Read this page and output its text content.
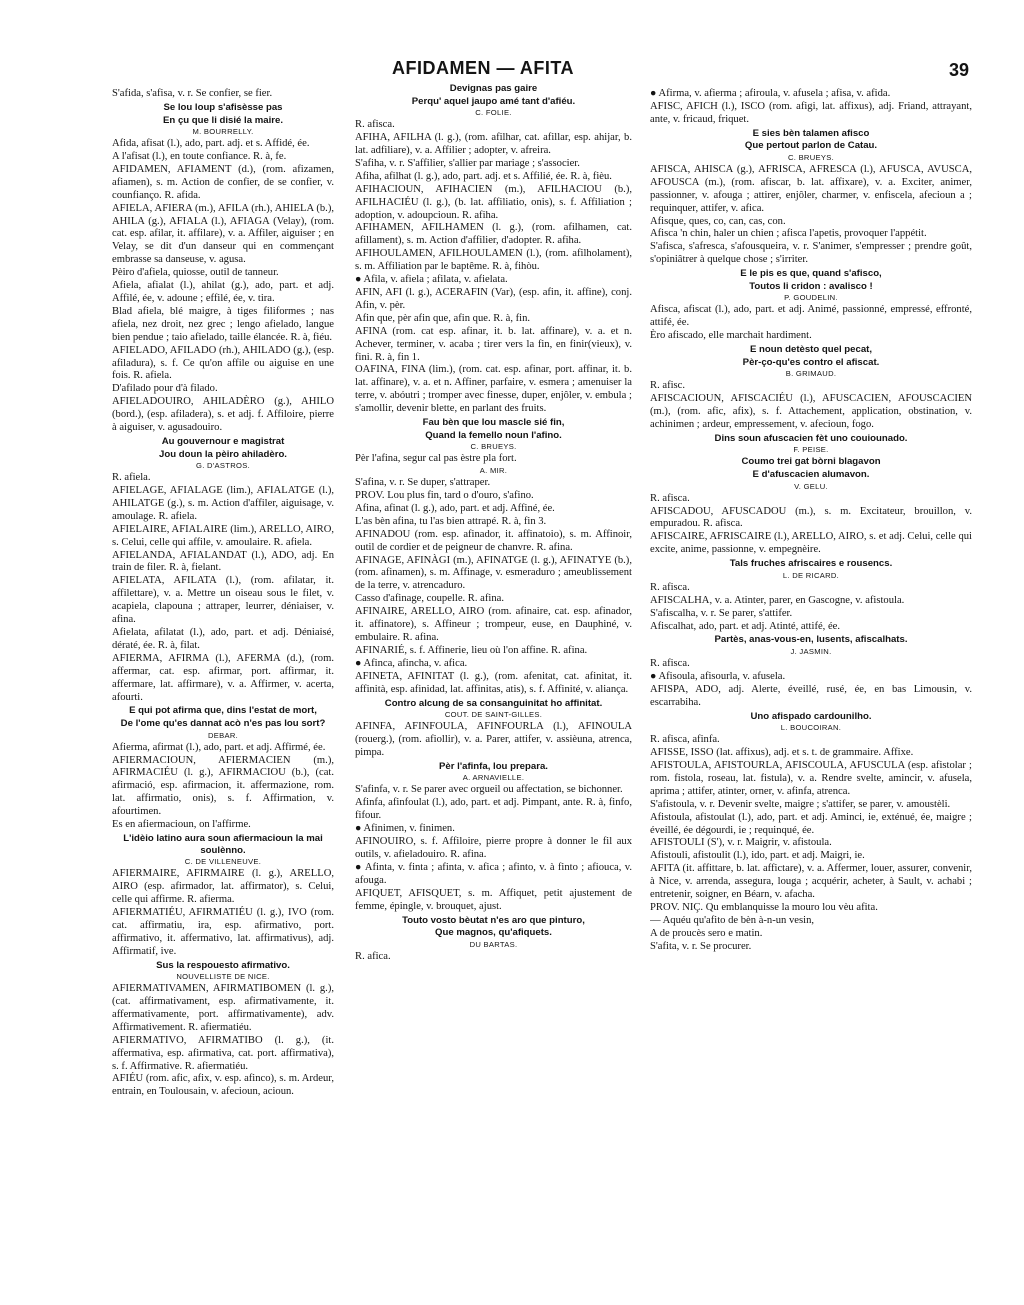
AFIDAMEN — AFITA	39

S'afida, s'afisa, v. r. Se confier, se fier.

Se lou loup s'afisèsse pas

En çu que li disié la maire.

M. BOURRELLY.

Afida, afisat (l.), ado, part. adj. et s. Affidé, ée.

A l'afisat (l.), en toute confiance. R. à, fe.

AFIDAMEN, AFIAMENT (d.), (rom. afizamen, afiamen), s. m. Action de confier, de se confier, v. counfianço. R. afida.

AFIELA, AFIERA (m.), AFILA (rh.), AHIELA (b.), AHILA (g.), AFIALA (l.), AFIAGA (Velay), (rom. cat. esp. afilar, it. affilare), v. a. Affiler, aiguiser ; en Velay, se dit d'un danseur qui en commençant embrasse sa danseuse, v. agusa.

Pèiro d'afiela, quiosse, outil de tanneur.

Afiela, afialat (l.), ahilat (g.), ado, part. et adj. Affilé, ée, v. adoune ; effilé, ée, v. tira.

Blad afiela, blé maigre, à tiges filiformes ; nas afiela, nez droit, nez grec ; lengo afielado, langue bien pendue ; taio afielado, taille élancée. R. à, fiéu.

AFIELADO, AFILADO (rh.), AHILADO (g.), (esp. afiladura), s. f. Ce qu'on affile ou aiguise en une fois. R. afiela.

D'afilado pour d'à filado.

AFIELADOUIRO, AHILADÈRO (g.), AHILO (bord.), (esp. afiladera), s. et adj. f. Affiloire, pierre à aiguiser, v. agusadouiro.

Au gouvernour e magistrat

Jou doun la pèiro ahiladèro.

G. D'ASTROS.

R. afiela.

AFIELAGE, AFIALAGE (lim.), AFIALATGE (l.), AHILATGE (g.), s. m. Action d'affiler, aiguisage, v. amoulage. R. afiela.

AFIELAIRE, AFIALAIRE (lim.), ARELLO, AIRO, s. Celui, celle qui affile, v. amoulaire. R. afiela.

AFIELANDA, AFIALANDAT (l.), ADO, adj. En train de filer. R. à, fielant.

AFIELATA, AFILATA (l.), (rom. afilatar, it. affilettare), v. a. Mettre un oiseau sous le filet, v. acapiela, clapouna ; attraper, leurrer, déniaiser, v. afina.

Afielata, afilatat (l.), ado, part. et adj. Déniaisé, dératé, ée. R. à, filat.

AFIERMA, AFIRMA (l.), AFERMA (d.), (rom. affermar, cat. esp. afirmar, port. affirmar, it. affermare, lat. affirmare), v. a. Affirmer, v. acerta, afourti.

E qui pot afirma que, dins l'estat de mort,

De l'ome qu'es dannat acò n'es pas lou sort?

DEBAR.

Afierma, afirmat (l.), ado, part. et adj. Affirmé, ée.

AFIERMACIOUN, AFIERMACIEN (m.), AFIRMACIÉU (l. g.), AFIRMACIOU (b.), (cat. afirmació, esp. afirmacion, it. affermazione, rom. lat. affirmatio, onis), s. f. Affirmation, v. afourtimen.

Es en afiermacioun, on l'affirme.

L'idèio latino aura soun afiermacioun la mai soulènno.

C. DE VILLENEUVE.

AFIERMAIRE, AFIRMAIRE (l. g.), ARELLO, AIRO (esp. afirmador, lat. affirmator), s. Celui, celle qui affirme. R. afierma.

AFIERMATIÉU, AFIRMATIÉU (l. g.), IVO (rom. cat. affirmatiu, ira, esp. afirmativo, port. affirmativo, it. affermativo, lat. affirmativus), adj. Affirmatif, ive.

Sus la respouesto afirmativo.

NOUVELLISTE DE NICE.

AFIERMATIVAMEN, AFIRMATIBOMEN (l. g.), (cat. affirmativament, esp. afirmativamente, it. affermativamente, port. affirmativamente), adv. Affirmativement. R. afiermatiéu.

AFIERMATIVO, AFIRMATIBO (l. g.), (it. affermativa, esp. afirmativa, cat. port. affirmativa), s. f. Affirmative. R. afiermatiéu.

AFIÉU (rom. afic, afix, v. esp. afinco), s. m. Ardeur, entrain, en Toulousain, v. afecioun, acioun.

Devignas pas gaire

Perqu' aquel jaupo amé tant d'afiéu.

C. FOLIE.

R. afisca.

AFIHA, AFILHA (l. g.), (rom. afilhar, cat. afillar, esp. ahijar, b. lat. adfiliare), v. a. Affilier ; adopter, v. afreira.

S'afiha, v. r. S'affilier, s'allier par mariage ; s'associer.

Afiha, afilhat (l. g.), ado, part. adj. et s. Affilié, ée. R. à, fièu.

AFIHACIOUN, AFIHACIEN (m.), AFILHACIOU (b.), AFILHACIÉU (l. g.), (b. lat. affiliatio, onis), s. f. Affiliation ; adoption, v. adoupcioun. R. afiha.

AFIHAMEN, AFILHAMEN (l. g.), (rom. afilhamen, cat. afillament), s. m. Action d'affilier, d'adopter. R. afiha.

AFIHOULAMEN, AFILHOULAMEN (l.), (rom. afilholament), s. m. Affiliation par le baptême. R. à, fihòu.

● Afila, v. afiela ; afilata, v. afielata.

AFIN, AFI (l. g.), ACERAFIN (Var), (esp. afin, it. affine), conj. Afin, v. pèr.

Afin que, pèr afin que, afin que. R. à, fin.

AFINA (rom. cat esp. afinar, it. b. lat. affinare), v. a. et n. Achever, terminer, v. acaba ; tirer vers la fin, en finir(vieux), v. fini. R. à, fin 1.

OAFINA, FINA (lim.), (rom. cat. esp. afinar, port. affinar, it. b. lat. affinare), v. a. et n. Affiner, parfaire, v. esmera ; amenuiser la terre, v. abóutri ; tromper avec finesse, duper, enjôler, v. embula ; s'amollir, devenir blette, en parlant des fruits.

Fau bèn que lou mascle sié fin,

Quand la femello noun l'afino.

C. BRUEYS.

Pèr l'afina, segur cal pas èstre pla fort.

A. MIR.

S'afina, v. r. Se duper, s'attraper.

PROV. Lou plus fin, tard o d'ouro, s'afino.

Afina, afinat (l. g.), ado, part. et adj. Affiné, ée.

L'as bèn afina, tu l'as bien attrapé. R. à, fin 3.

AFINADOU (rom. esp. afinador, it. affinatoio), s. m. Affinoir, outil de cordier et de peigneur de chanvre. R. afina.

AFINAGE, AFINÀGI (m.), AFINATGE (l. g.), AFINATYE (b.), (rom. afinamen), s. m. Affinage, v. esmeraduro ; ameublissement de la terre, v. atrencaduro.

Casso d'afinage, coupelle. R. afina.

AFINAIRE, ARELLO, AIRO (rom. afinaire, cat. esp. afinador, it. affinatore), s. Affineur ; trompeur, euse, en Dauphiné, v. embulaire. R. afina.

AFINARIÉ, s. f. Affinerie, lieu où l'on affine. R. afina.

● Afinca, afincha, v. afica.

AFINETA, AFINITAT (l. g.), (rom. afenitat, cat. afinitat, it. affinità, esp. afinidad, lat. affinitas, atis), s. f. Affinité, v. aliança.

Contro alcung de sa consanguinitat ho affinitat.

COUT. DE SAINT-GILLES.

AFINFA, AFINFOULA, AFINFOURLA (l.), AFINOULA (rouerg.), (rom. afiollir), v. a. Parer, attifer, v. assièuna, atrenca, pimpa.

Pèr l'afinfa, lou prepara.

A. ARNAVIELLE.

S'afinfa, v. r. Se parer avec orgueil ou affectation, se bichonner.

Afinfa, afinfoulat (l.), ado, part. et adj. Pimpant, ante. R. à, finfo, fifour.

● Afinimen, v. finimen.

AFINOUIRO, s. f. Affiloire, pierre propre à donner le fil aux outils, v. afieladouiro. R. afina.

● Afinta, v. finta ; afinta, v. afica ; afinto, v. à finto ; afiouca, v. afouga.

AFIQUET, AFISQUET, s. m. Affiquet, petit ajustement de femme, épingle, v. brouquet, ajust.

Touto vosto bèutat n'es aro que pinturo,

Que magnos, qu'afiquets.

DU BARTAS.

R. afica.

● Afirma, v. afierma ; afiroula, v. afusela ; afisa, v. afida.

AFISC, AFICH (l.), ISCO (rom. afigi, lat. affixus), adj. Friand, attrayant, ante, v. fricaud, friquet.

E sies bèn talamen afisco

Que pertout parlon de Catau.

C. BRUEYS.

AFISCA, AHISCA (g.), AFRISCA, AFRESCA (l.), AFUSCA, AVUSCA, AFOUSCA (m.), (rom. afiscar, b. lat. affixare), v. a. Exciter, animer, passionner, v. afouga ; attirer, enjôler, charmer, v. enfiscela, afecioun a ; requinquer, attifer, v. afica.

Afisque, ques, co, can, cas, con.

Afisca 'n chin, haler un chien ; afisca l'apetis, provoquer l'appétit.

S'afisca, s'afresca, s'afousqueira, v. r. S'animer, s'empresser ; prendre goût, s'opiniâtrer à quelque chose ; s'irriter.

E le pis es que, quand s'afisco,

Toutos li cridon : avalisco !

P. GOUDELIN.

Afisca, afiscat (l.), ado, part. et adj. Animé, passionné, empressé, effronté, attifé, ée.

Èro afiscado, elle marchait hardiment.

E noun detèsto quel pecat,

Pèr-ço-qu'es contro el afiscat.

B. GRIMAUD.

R. afisc.

AFISCACIOUN, AFISCACIÉU (l.), AFUSCACIEN, AFOUSCACIEN (m.), (rom. afic, afix), s. f. Attachement, application, obstination, v. achinimen ; ardeur, empressement, v. afecioun, fogo.

Dins soun afuscacien fèt uno couiounado.

F. PEISE.

Coumo trei gat bòrni blagavon

E d'afuscacien alumavon.

V. GELU.

R. afisca.

AFISCADOU, AFUSCADOU (m.), s. m. Excitateur, brouillon, v. empuradou. R. afisca.

AFISCAIRE, AFRISCAIRE (l.), ARELLO, AIRO, s. et adj. Celui, celle qui excite, anime, passionne, v. empegnèire.

Tals fruches afriscaires e rousencs.

L. DE RICARD.

R. afisca.

AFISCALHA, v. a. Atinter, parer, en Gascogne, v. afistoula.

S'afiscalha, v. r. Se parer, s'attifer.

Afiscalhat, ado, part. et adj. Atinté, attifé, ée.

Partès, anas-vous-en, lusents, afiscalhats.

J. JASMIN.

R. afisca.

● Afisoula, afisourla, v. afusela.

AFISPA, ADO, adj. Alerte, éveillé, rusé, ée, en bas Limousin, v. escarrabiha.

Uno afispado cardounilho.

L. BOUCOIRAN.

R. afisca, afinfa.

AFISSE, ISSO (lat. affixus), adj. et s. t. de grammaire. Affixe.

AFISTOULA, AFISTOURLA, AFISCOULA, AFUSCULA (esp. afistolar ; rom. fistola, roseau, lat. fistula), v. a. Rendre svelte, amincir, v. afusela, aprima ; attifer, atinter, orner, v. afinfa, atrenca.

S'afistoula, v. r. Devenir svelte, maigre ; s'attifer, se parer, v. amoustèli.

Afistoula, afistoulat (l.), ado, part. et adj. Aminci, ie, exténué, ée, maigre ; éveillé, ée dégourdi, ie ; requinqué, ée.

AFISTOULI (S'), v. r. Maigrir, v. afistoula.

Afistouli, afistoulit (l.), ido, part. et adj. Maigri, ie.

AFITA (it. affittare, b. lat. affictare), v. a. Affermer, louer, assurer, convenir, à Nice, v. arrenda, assegura, louga ; acquérir, acheter, à Sault, v. achabi ; entretenir, soigner, en Béarn, v. afacha.

PROV. NIÇ. Qu emblanquisse la mouro lou vèu afita.

— Aquéu qu'afito de bèn à-n-un vesin,

A de proucès sero e matin.

S'afita, v. r. Se procurer.
